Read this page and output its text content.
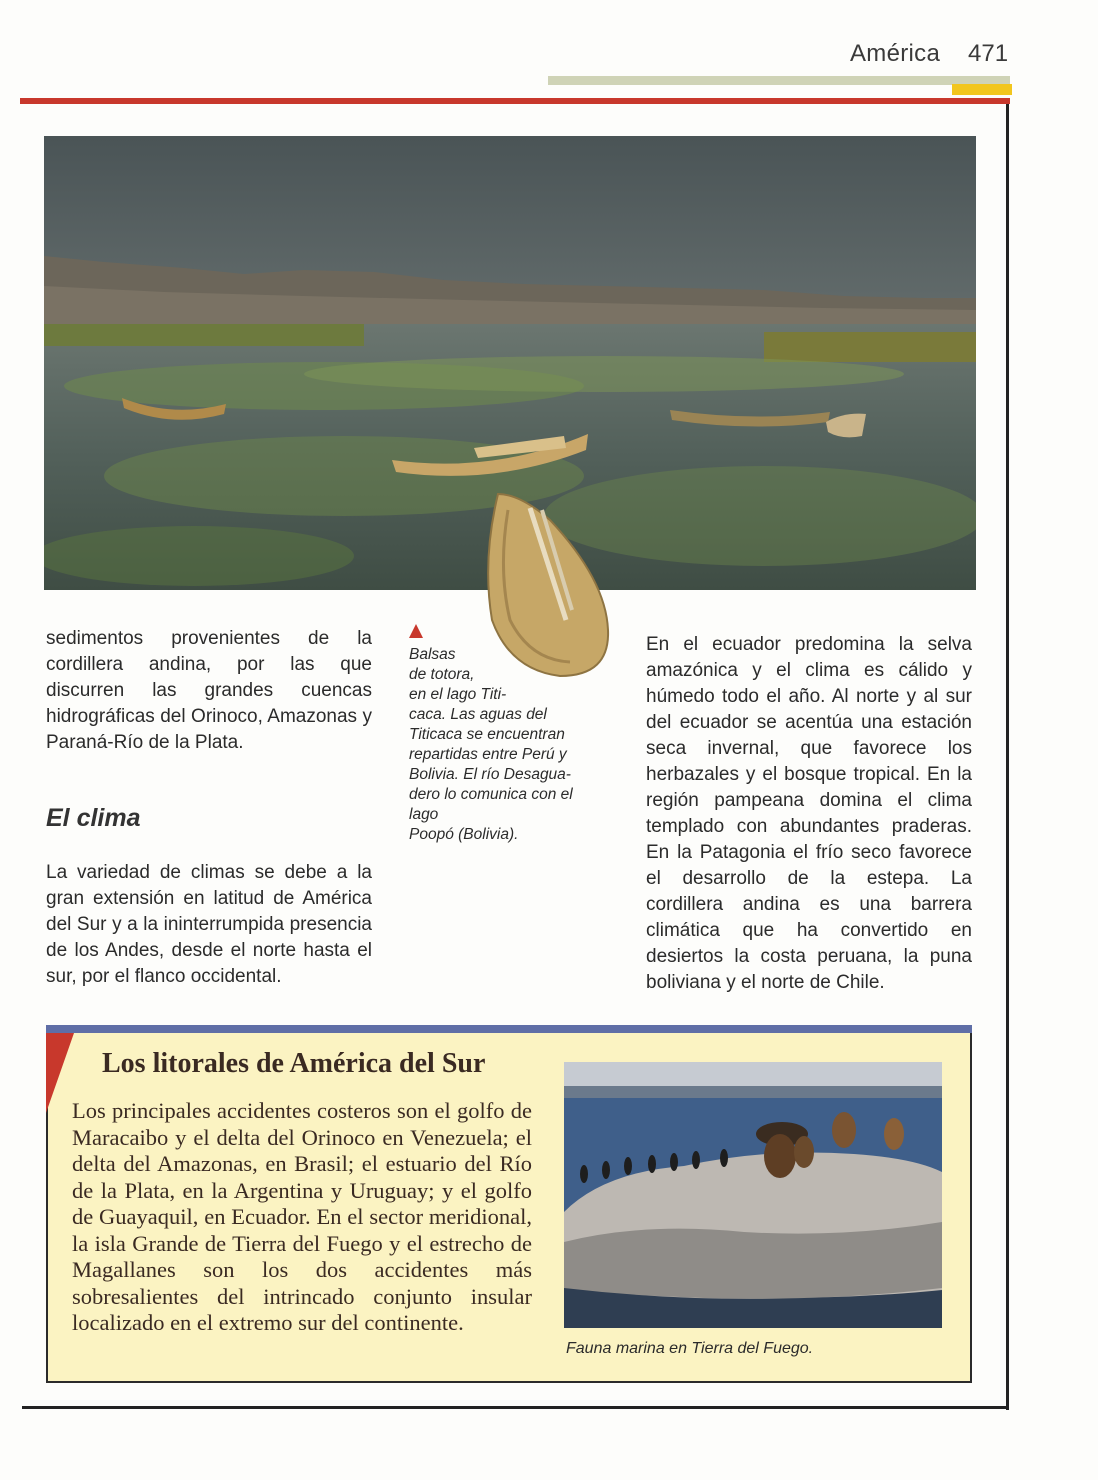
América 471
sedimentos provenientes de la cordillera andina, por las que discurren las grandes cuencas hidrográficas del Orinoco, Amazonas y Paraná-Río de la Plata.
El clima
La variedad de climas se debe a la gran extensión en latitud de América del Sur y a la ininterrumpida presencia de los Andes, desde el norte hasta el sur, por el flanco occidental.
Balsas
de totora,
en el lago Titi-
caca. Las aguas del
Titicaca se encuentran
repartidas entre Perú y
Bolivia. El río Desagua-
dero lo comunica con el
lago
Poopó (Bolivia).
En el ecuador predomina la selva amazónica y el clima es cálido y húmedo todo el año. Al norte y al sur del ecuador se acentúa una estación seca invernal, que favorece los herbazales y el bosque tropical. En la región pampeana domina el clima templado con abundantes praderas. En la Patagonia el frío seco favorece el desarrollo de la estepa. La cordillera andina es una barrera climática que ha convertido en desiertos la costa peruana, la puna boliviana y el norte de Chile.
Los litorales de América del Sur
Los principales accidentes costeros son el golfo de Maracaibo y el delta del Orinoco en Venezuela; el delta del Amazonas, en Brasil; el estuario del Río de la Plata, en la Argentina y Uruguay; y el golfo de Guayaquil, en Ecuador. En el sector meridional, la isla Grande de Tierra del Fuego y el estrecho de Magallanes son los dos accidentes más sobresalientes del intrincado conjunto insular localizado en el extremo sur del continente.
Fauna marina en Tierra del Fuego.
